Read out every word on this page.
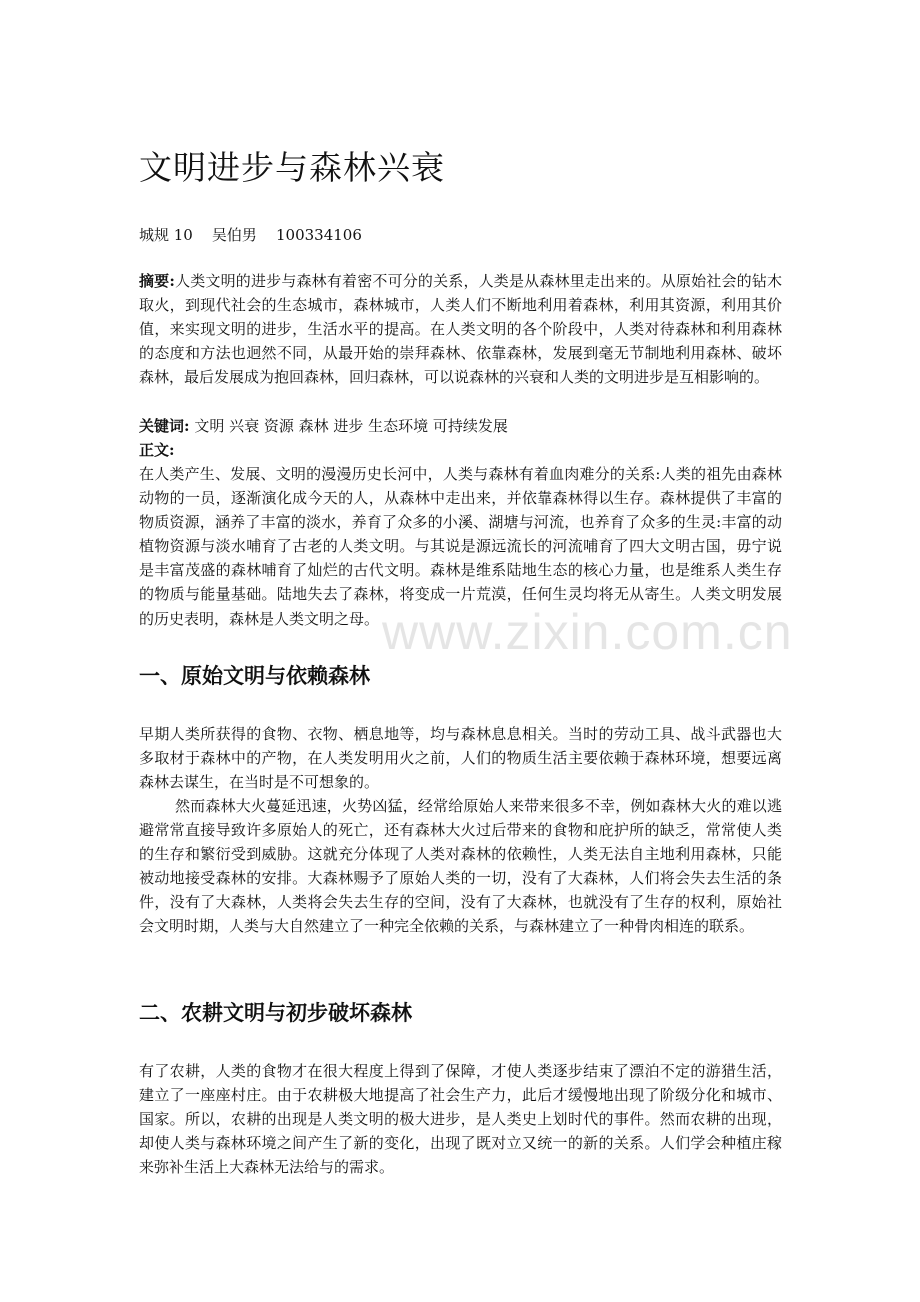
文明进步与森林兴衰
城规 10    吴伯男    100334106

摘要:人类文明的进步与森林有着密不可分的关系，人类是从森林里走出来的。从原始社会的钻木取火，到现代社会的生态城市，森林城市，人类人们不断地利用着森林，利用其资源，利用其价值，来实现文明的进步，生活水平的提高。在人类文明的各个阶段中，人类对待森林和利用森林的态度和方法也迥然不同，从最开始的崇拜森林、依靠森林，发展到毫无节制地利用森林、破坏森林，最后发展成为抱回森林，回归森林，可以说森林的兴衰和人类的文明进步是互相影响的。

关键词: 文明 兴衰 资源 森林 进步 生态环境 可持续发展

正文:

在人类产生、发展、文明的漫漫历史长河中，人类与森林有着血肉难分的关系:人类的祖先由森林动物的一员，逐渐演化成今天的人，从森林中走出来，并依靠森林得以生存。森林提供了丰富的物质资源，涵养了丰富的淡水，养育了众多的小溪、湖塘与河流，也养育了众多的生灵:丰富的动植物资源与淡水哺育了古老的人类文明。与其说是源远流长的河流哺育了四大文明古国，毋宁说是丰富茂盛的森林哺育了灿烂的古代文明。森林是维系陆地生态的核心力量，也是维系人类生存的物质与能量基础。陆地失去了森林，将变成一片荒漠，任何生灵均将无从寄生。人类文明发展的历史表明，森林是人类文明之母。 www.zixin.com.cn
一、原始文明与依赖森林

早期人类所获得的食物、衣物、栖息地等，均与森林息息相关。当时的劳动工具、战斗武器也大多取材于森林中的产物，在人类发明用火之前，人们的物质生活主要依赖于森林环境，想要远离森林去谋生，在当时是不可想象的。

然而森林大火蔓延迅速，火势凶猛，经常给原始人来带来很多不幸，例如森林大火的难以逃避常常直接导致许多原始人的死亡，还有森林大火过后带来的食物和庇护所的缺乏，常常使人类的生存和繁衍受到威胁。这就充分体现了人类对森林的依赖性，人类无法自主地利用森林，只能被动地接受森林的安排。大森林赐予了原始人类的一切，没有了大森林，人们将会失去生活的条件，没有了大森林，人类将会失去生存的空间，没有了大森林，也就没有了生存的权利，原始社会文明时期，人类与大自然建立了一种完全依赖的关系，与森林建立了一种骨肉相连的联系。

二、农耕文明与初步破坏森林

有了农耕，人类的食物才在很大程度上得到了保障，才使人类逐步结束了漂泊不定的游猎生活，建立了一座座村庄。由于农耕极大地提高了社会生产力，此后才缓慢地出现了阶级分化和城市、国家。所以，农耕的出现是人类文明的极大进步，是人类史上划时代的事件。然而农耕的出现，却使人类与森林环境之间产生了新的变化，出现了既对立又统一的新的关系。人们学会种植庄稼来弥补生活上大森林无法给与的需求。
